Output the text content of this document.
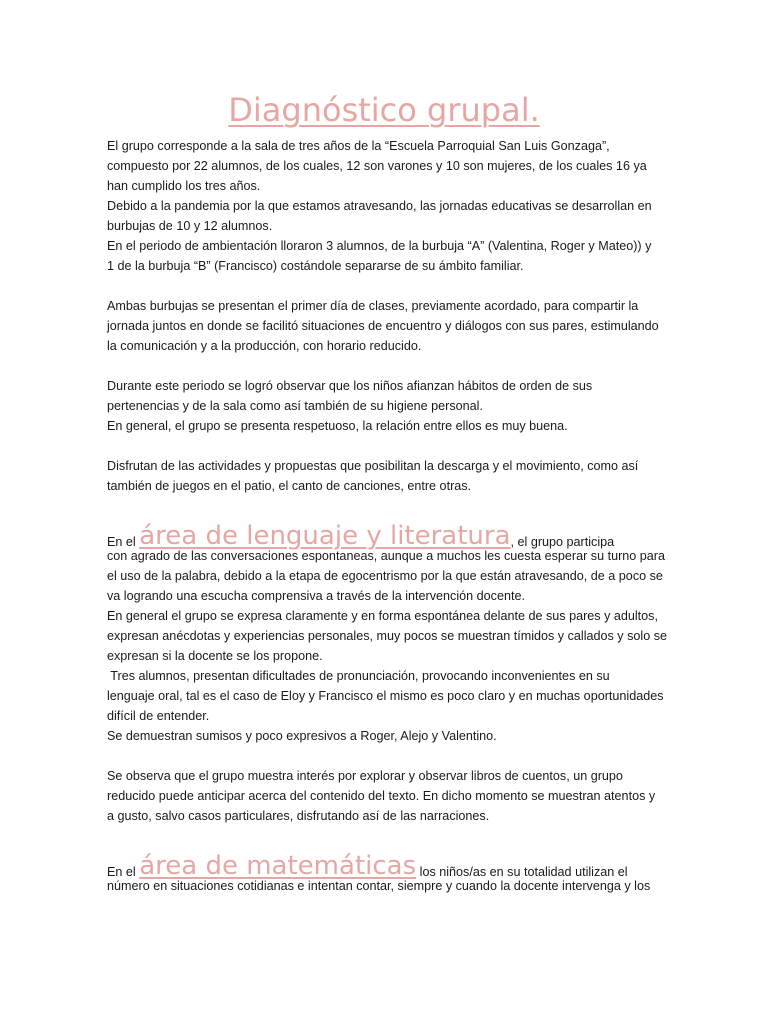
Diagnóstico grupal.

El grupo corresponde a la sala de tres años de la “Escuela Parroquial San Luis Gonzaga”,

compuesto por 22 alumnos, de los cuales, 12 son varones y 10 son mujeres, de los cuales 16 ya

han cumplido los tres años.

Debido a la pandemia por la que estamos atravesando, las jornadas educativas se desarrollan en

burbujas de 10 y 12 alumnos.

En el periodo de ambientación lloraron 3 alumnos, de la burbuja “A” (Valentina, Roger y Mateo)) y

1 de la burbuja “B” (Francisco) costándole separarse de su ámbito familiar.

Ambas burbujas se presentan el primer día de clases, previamente acordado, para compartir la

jornada juntos en donde se facilitó situaciones de encuentro y diálogos con sus pares, estimulando

la comunicación y a la producción, con horario reducido.

Durante este periodo se logró observar que los niños afianzan hábitos de orden de sus

pertenencias y de la sala como así también de su higiene personal.

En general, el grupo se presenta respetuoso, la relación entre ellos es muy buena.

Disfrutan de las actividades y propuestas que posibilitan la descarga y el movimiento, como así

también de juegos en el patio, el canto de canciones, entre otras.

En el área de lenguaje y literatura, el grupo participa

con agrado de las conversaciones espontaneas, aunque a muchos les cuesta esperar su turno para

el uso de la palabra, debido a la etapa de egocentrismo por la que están atravesando, de a poco se

va logrando una escucha comprensiva a través de la intervención docente.

En general el grupo se expresa claramente y en forma espontánea delante de sus pares y adultos,

expresan anécdotas y experiencias personales, muy pocos se muestran tímidos y callados y solo se

expresan si la docente se los propone.

Tres alumnos, presentan dificultades de pronunciación, provocando inconvenientes en su

lenguaje oral, tal es el caso de Eloy y Francisco el mismo es poco claro y en muchas oportunidades

difícil de entender.

Se demuestran sumisos y poco expresivos a Roger, Alejo y Valentino.

Se observa que el grupo muestra interés por explorar y observar libros de cuentos, un grupo

reducido puede anticipar acerca del contenido del texto. En dicho momento se muestran atentos y

a gusto, salvo casos particulares, disfrutando así de las narraciones.

En el área de matemáticas los niños/as en su totalidad utilizan el

número en situaciones cotidianas e intentan contar, siempre y cuando la docente intervenga y los
